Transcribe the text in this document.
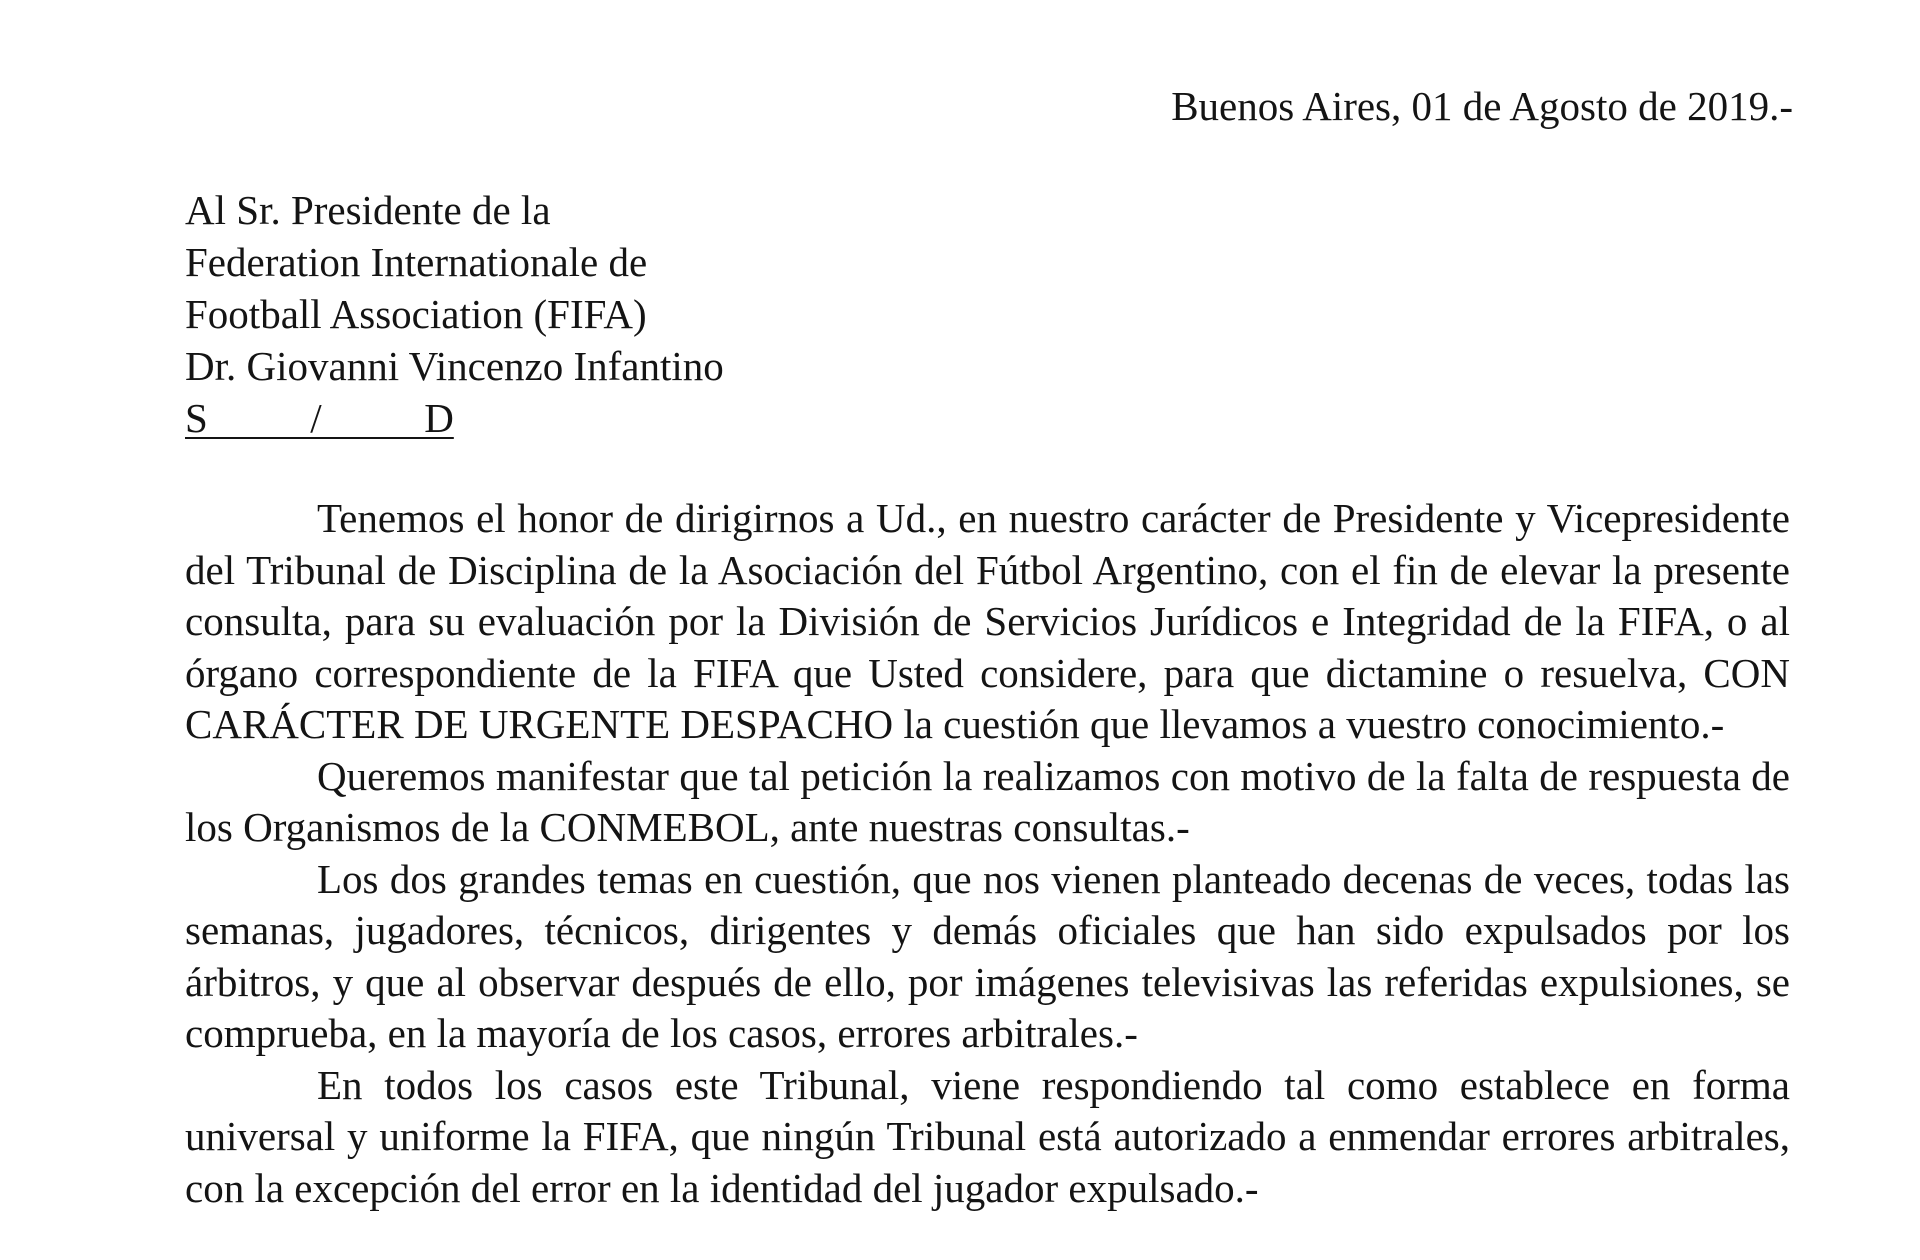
Buenos Aires, 01 de Agosto de 2019.-

Al Sr. Presidente de la
Federation Internationale de
Football Association (FIFA)
Dr. Giovanni Vincenzo Infantino
S          /          D

Tenemos el honor de dirigirnos a Ud., en nuestro carácter de Presidente y Vicepresidente del Tribunal de Disciplina de la Asociación del Fútbol Argentino, con el fin de elevar la presente consulta, para su evaluación por la División de Servicios Jurídicos e Integridad de la FIFA, o al órgano correspondiente de la FIFA que Usted considere, para que dictamine o resuelva, CON CARÁCTER DE URGENTE DESPACHO la cuestión que llevamos a vuestro conocimiento.-

Queremos manifestar que tal petición la realizamos con motivo de la falta de respuesta de los Organismos de la CONMEBOL, ante nuestras consultas.-

Los dos grandes temas en cuestión, que nos vienen planteado decenas de veces, todas las semanas, jugadores, técnicos, dirigentes y demás oficiales que han sido expulsados por los árbitros, y que al observar después de ello, por imágenes televisivas las referidas expulsiones, se comprueba, en la mayoría de los casos, errores arbitrales.-

En todos los casos este Tribunal, viene respondiendo tal como establece en forma universal y uniforme la FIFA, que ningún Tribunal está autorizado a enmendar errores arbitrales, con la excepción del error en la identidad del jugador expulsado.-
